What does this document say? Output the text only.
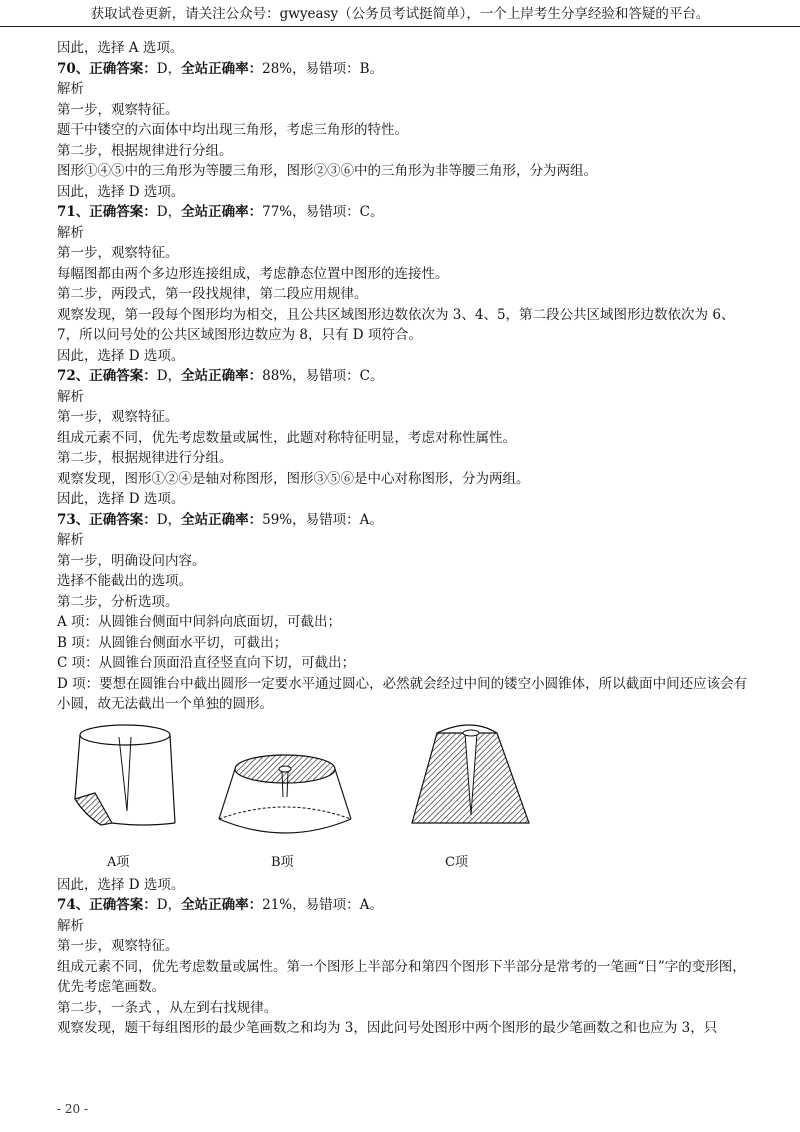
获取试卷更新，请关注公众号：gwyeasy（公务员考试挺简单），一个上岸考生分享经验和答疑的平台。
因此，选择 A 选项。
70、正确答案：D，全站正确率：28%，易错项：B。
解析
第一步，观察特征。
题干中镂空的六面体中均出现三角形，考虑三角形的特性。
第二步，根据规律进行分组。
图形①④⑤中的三角形为等腰三角形，图形②③⑥中的三角形为非等腰三角形，分为两组。
因此，选择 D 选项。
71、正确答案：D，全站正确率：77%，易错项：C。
解析
第一步，观察特征。
每幅图都由两个多边形连接组成，考虑静态位置中图形的连接性。
第二步，两段式，第一段找规律，第二段应用规律。
观察发现，第一段每个图形均为相交，且公共区域图形边数依次为 3、4、5，第二段公共区域图形边数依次为 6、
7，所以问号处的公共区域图形边数应为 8，只有 D 项符合。
因此，选择 D 选项。
72、正确答案：D，全站正确率：88%，易错项：C。
解析
第一步，观察特征。
组成元素不同，优先考虑数量或属性，此题对称特征明显，考虑对称性属性。
第二步，根据规律进行分组。
观察发现，图形①②④是轴对称图形，图形③⑤⑥是中心对称图形，分为两组。
因此，选择 D 选项。
73、正确答案：D，全站正确率：59%，易错项：A。
解析
第一步，明确设问内容。
选择不能截出的选项。
第二步，分析选项。
A 项：从圆锥台侧面中间斜向底面切，可截出；
B 项：从圆锥台侧面水平切，可截出；
C 项：从圆锥台顶面沿直径竖直向下切，可截出；
D 项：要想在圆锥台中截出圆形一定要水平通过圆心，必然就会经过中间的镂空小圆锥体，所以截面中间还应该会有小圆，故无法截出一个单独的圆形。
A项	B项	C项
因此，选择 D 选项。
74、正确答案：D，全站正确率：21%，易错项：A。
解析
第一步，观察特征。
组成元素不同，优先考虑数量或属性。第一个图形上半部分和第四个图形下半部分是常考的一笔画“日”字的变形图，优先考虑笔画数。
第二步，一条式 ，从左到右找规律。
观察发现，题干每组图形的最少笔画数之和均为 3，因此问号处图形中两个图形的最少笔画数之和也应为 3，只
- 20 -
